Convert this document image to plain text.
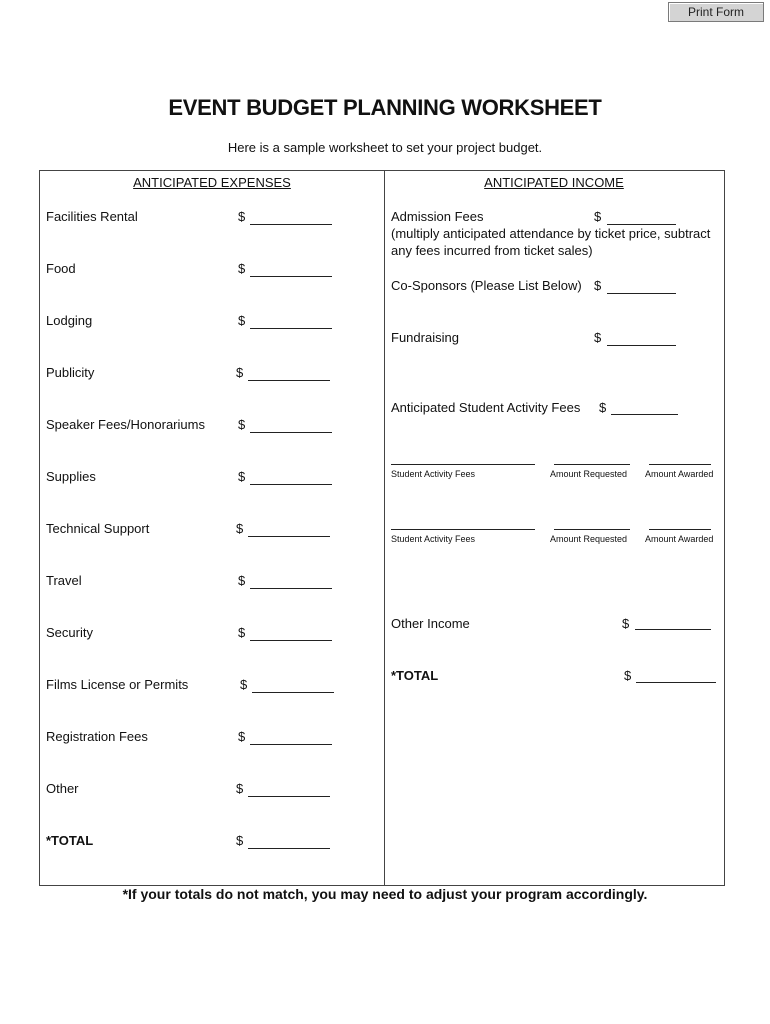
Print Form
EVENT BUDGET PLANNING WORKSHEET
Here is a sample worksheet to set your project budget.
ANTICIPATED EXPENSES
Facilities Rental	$
Food	$
Lodging	$
Publicity	$
Speaker Fees/Honorariums	$
Supplies	$
Technical Support	$
Travel	$
Security	$
Films License or Permits	$
Registration Fees	$
Other	$
*TOTAL	$
ANTICIPATED INCOME
Admission Fees	$
(multiply anticipated attendance by ticket price, subtract
any fees incurred from ticket sales)
Co-Sponsors (Please List Below) $
Fundraising	$
Anticipated Student Activity Fees $
Student Activity Fees	Amount Requested Amount Awarded
Student Activity Fees	Amount Requested Amount Awarded
Other Income	$
*TOTAL	$
*If your totals do not match, you may need to adjust your program accordingly.
